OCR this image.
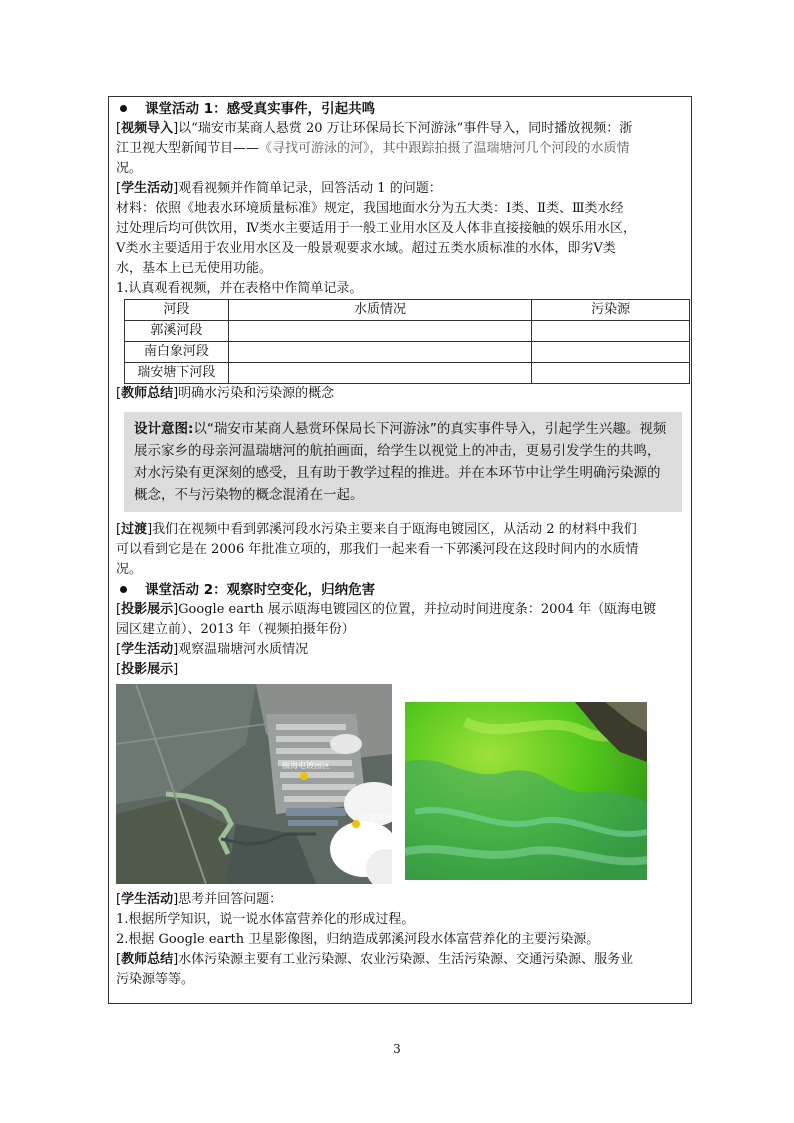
课堂活动 1：感受真实事件，引起共鸣

[视频导入]以“瑞安市某商人悬赏 20 万让环保局长下河游泳”事件导入，同时播放视频：浙

江卫视大型新闻节目——《寻找可游泳的河》，其中跟踪拍摄了温瑞塘河几个河段的水质情

况。

[学生活动]观看视频并作简单记录，回答活动 1 的问题：

材料：依照《地表水环境质量标准》规定，我国地面水分为五大类：Ⅰ类、Ⅱ类、Ⅲ类水经

过处理后均可供饮用，Ⅳ类水主要适用于一般工业用水区及人体非直接接触的娱乐用水区，

Ⅴ类水主要适用于农业用水区及一般景观要求水域。超过五类水质标准的水体，即劣Ⅴ类

水，基本上已无使用功能。

1.认真观看视频，并在表格中作简单记录。

河段	水质情况	污染源
郭溪河段		
南白象河段		
瑞安塘下河段		

[教师总结]明确水污染和污染源的概念

设计意图:以“瑞安市某商人悬赏环保局长下河游泳”的真实事件导入，引起学生兴趣。视频展示家乡的母亲河温瑞塘河的航拍画面，给学生以视觉上的冲击，更易引发学生的共鸣，对水污染有更深刻的感受，且有助于教学过程的推进。并在本环节中让学生明确污染源的概念，不与污染物的概念混淆在一起。

[过渡]我们在视频中看到郭溪河段水污染主要来自于瓯海电镀园区，从活动 2 的材料中我们

可以看到它是在 2006 年批准立项的，那我们一起来看一下郭溪河段在这段时间内的水质情

况。

课堂活动 2：观察时空变化，归纳危害

[投影展示]Google earth 展示瓯海电镀园区的位置，并拉动时间进度条：2004 年（瓯海电镀

园区建立前）、2013 年（视频拍摄年份）

[学生活动]观察温瑞塘河水质情况

[投影展示]

瓯海电镀园区
温瑞塘河

[学生活动]思考并回答问题：

1.根据所学知识，说一说水体富营养化的形成过程。

2.根据 Google earth 卫星影像图，归纳造成郭溪河段水体富营养化的主要污染源。

[教师总结]水体污染源主要有工业污染源、农业污染源、生活污染源、交通污染源、服务业

污染源等等。

3
